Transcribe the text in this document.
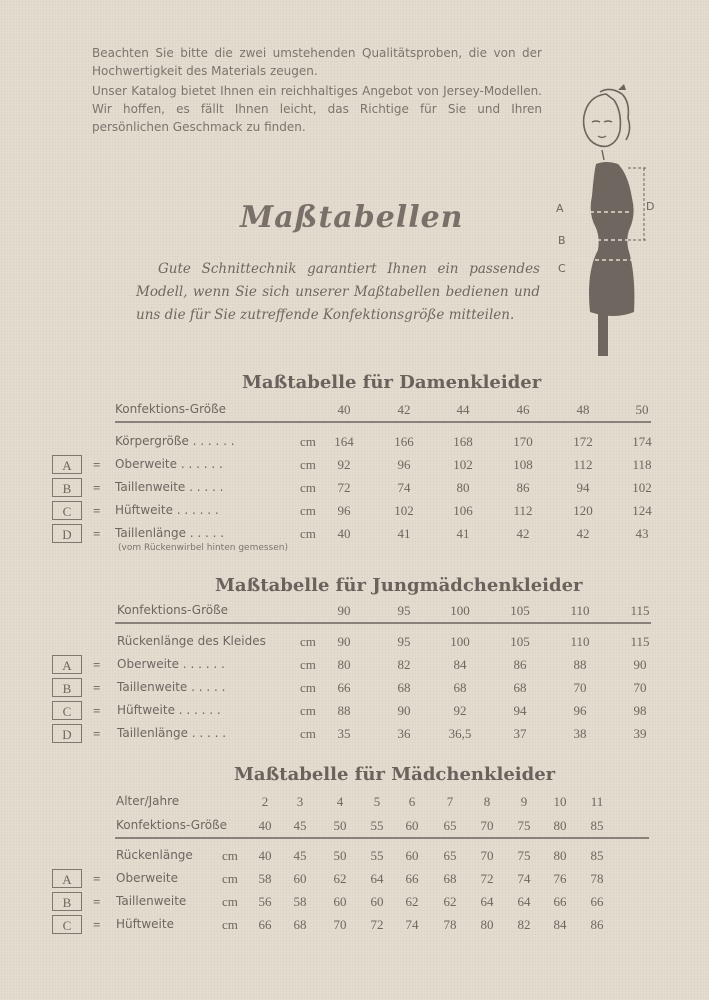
Beachten Sie bitte die zwei umstehenden Qualitätsproben, die von der Hochwertigkeit des Materials zeugen.

Unser Katalog bietet Ihnen ein reichhaltiges Angebot von Jersey-Modellen. Wir hoffen, es fällt Ihnen leicht, das Richtige für Sie und Ihren persönlichen Geschmack zu finden.

A
B
C
D
Maßtabellen

Gute Schnittechnik garantiert Ihnen ein passendes Modell, wenn Sie sich unserer Maßtabellen bedienen und uns die für Sie zutreffende Konfektionsgröße mitteilen.

Maßtabelle für Damenkleider
Konfektions-Größe	40	42	44	46	48	50
Körpergröße . . . . . .	cm	164	166	168	170	172	174
A	= Oberweite . . . . . .	cm	92	96	102	108	112	118
B	= Taillenweite . . . . .	cm	72	74	80	86	94	102
C	= Hüftweite . . . . . .	cm	96	102	106	112	120	124
D	= Taillenlänge . . . . .	cm	40	41	41	42	42	43
(vom Rückenwirbel hinten gemessen)
Maßtabelle für Jungmädchenkleider
Konfektions-Größe	90	95	100	105	110	115
Rückenlänge des Kleides	cm	90	95	100	105	110	115
A	= Oberweite . . . . . .	cm	80	82	84	86	88	90
B	= Taillenweite . . . . .	cm	66	68	68	68	70	70
C	= Hüftweite . . . . . .	cm	88	90	92	94	96	98
D	= Taillenlänge . . . . .	cm	35	36	36,5	37	38	39
Maßtabelle für Mädchenkleider
Alter/Jahre	2	3	4	5	6	7	8	9	10	11
Konfektions-Größe	40	45	50	55	60	65	70	75	80	85
Rückenlänge cm	40	45	50	55	60	65	70	75	80	85
A	= Oberweite	cm	58	60	62	64	66	68	72	74	76	78
B	= Taillenweite	cm	56	58	60	60	62	62	64	64	66	66
C	= Hüftweite	cm	66	68	70	72	74	78	80	82	84	86
